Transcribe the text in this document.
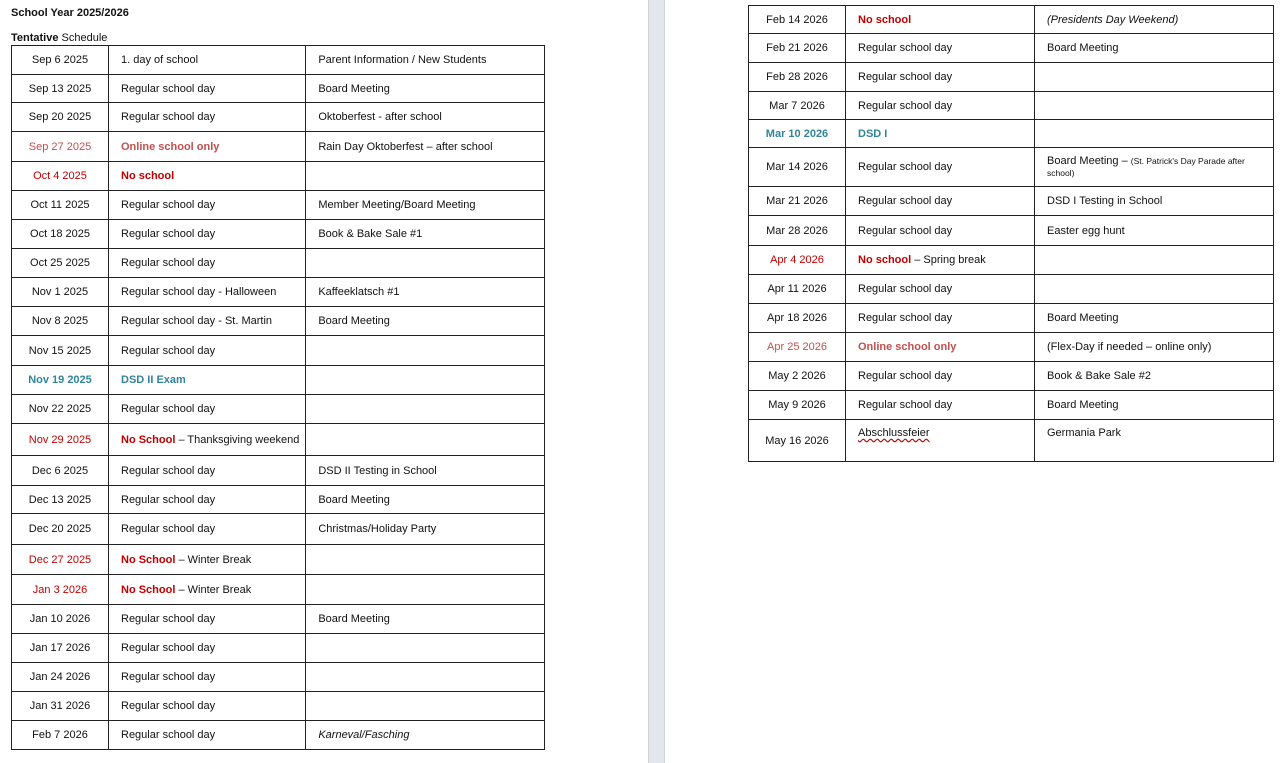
School Year 2025/2026
Tentative Schedule
Sep 6 2025	1. day of school	Parent Information / New Students
Sep 13 2025	Regular school day	Board Meeting
Sep 20 2025	Regular school day	Oktoberfest - after school
Sep 27 2025	Online school only	Rain Day Oktoberfest – after school
Oct 4 2025	No school	
Oct 11 2025	Regular school day	Member Meeting/Board Meeting
Oct 18 2025	Regular school day	Book & Bake Sale #1
Oct 25 2025	Regular school day	
Nov 1 2025	Regular school day - Halloween	Kaffeeklatsch #1
Nov 8 2025	Regular school day - St. Martin	Board Meeting
Nov 15 2025	Regular school day	
Nov 19 2025	DSD II Exam	
Nov 22 2025	Regular school day	
Nov 29 2025	No School – Thanksgiving weekend	
Dec 6 2025	Regular school day	DSD II Testing in School
Dec 13 2025	Regular school day	Board Meeting
Dec 20 2025	Regular school day	Christmas/Holiday Party
Dec 27 2025	No School – Winter Break	
Jan 3 2026	No School – Winter Break	
Jan 10 2026	Regular school day	Board Meeting
Jan 17 2026	Regular school day	
Jan 24 2026	Regular school day	
Jan 31 2026	Regular school day	
Feb 7 2026	Regular school day	Karneval/Fasching
Feb 14 2026	No school	(Presidents Day Weekend)
Feb 21 2026	Regular school day	Board Meeting
Feb 28 2026	Regular school day	
Mar 7 2026	Regular school day	
Mar 10 2026	DSD I	
Mar 14 2026	Regular school day	Board Meeting – (St. Patrick's Day Parade after school)
Mar 21 2026	Regular school day	DSD I Testing in School
Mar 28 2026	Regular school day	Easter egg hunt
Apr 4 2026	No school – Spring break	
Apr 11 2026	Regular school day	
Apr 18 2026	Regular school day	Board Meeting
Apr 25 2026	Online school only	(Flex-Day if needed – online only)
May 2 2026	Regular school day	Book & Bake Sale #2
May 9 2026	Regular school day	Board Meeting
May 16 2026	Abschlussfeier	Germania Park
